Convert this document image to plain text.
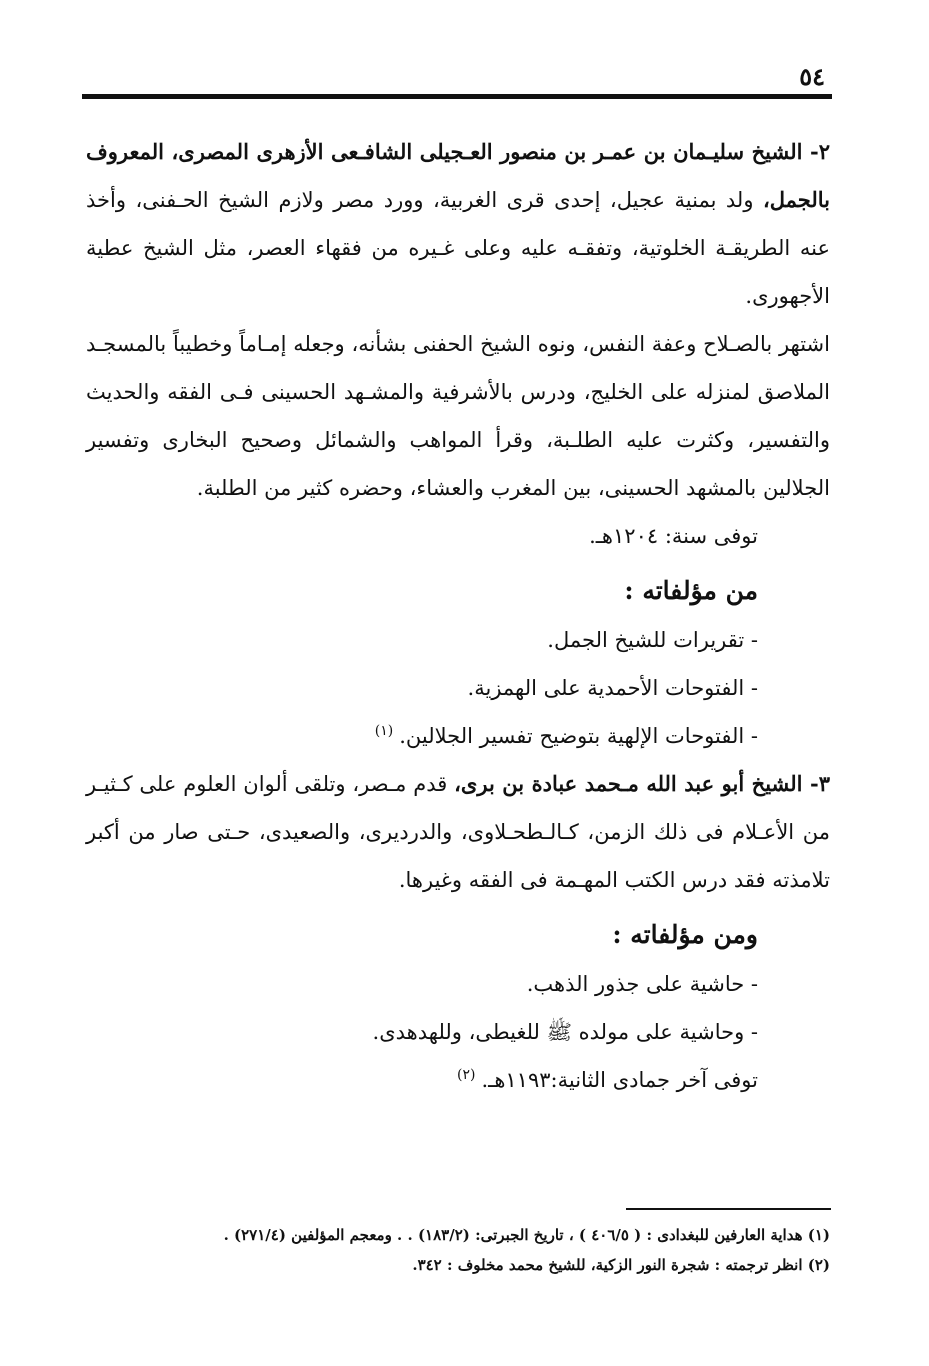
٥٤

٢- الشيخ سليـمان بن عمـر بن منصور العـجيلى الشافـعى الأزهرى المصرى، المعروف بالجمل، ولد بمنية عجيل، إحدى قرى الغربية، وورد مصر ولازم الشيخ الحـفنى، وأخذ عنه الطريقـة الخلوتية، وتفقـه عليه وعلى غـيره من فقهاء العصر، مثل الشيخ عطية الأجهورى.

اشتهر بالصـلاح وعفة النفس، ونوه الشيخ الحفنى بشأنه، وجعله إمـاماً وخطيباً بالمسجـد الملاصق لمنزله على الخليج، ودرس بالأشرفية والمشـهد الحسينى فـى الفقه والحديث والتفسير، وكثرت عليه الطلـبة، وقرأ المواهب والشمائل وصحيح البخارى وتفسير الجلالين بالمشهد الحسينى، بين المغرب والعشاء، وحضره كثير من الطلبة.

توفى سنة: ١٢٠٤هـ.

من مؤلفاته :
- تقريرات للشيخ الجمل.
- الفتوحات الأحمدية على الهمزية.
- الفتوحات الإلهية بتوضيح تفسير الجلالين.$^{(١)}$

٣- الشيخ أبو عبد الله مـحمد عبادة بن برى، قدم مـصر، وتلقى ألوان العلوم على كـثيـر من الأعـلام فى ذلك الزمن، كـالـطحـلاوى، والدرديرى، والصعيدى، حـتى صار من أكبر تلامذته فقد درس الكتب المهـمة فى الفقه وغيرها.

ومن مؤلفاته :
- حاشية على جذور الذهب.
- وحاشية على مولده ﷺ للغيطى، وللهدهدى.
توفى آخر جمادى الثانية:١١٩٣هـ.$^{(٢)}$

(١) هداية العارفين للبغدادى : ( ٤٠٦/٥ ) ، تاريخ الجبرتى: (١٨٣/٢) . . ومعجم المؤلفين (٢٧١/٤) .

(٢) انظر ترجمته : شجرة النور الزكية، للشيخ محمد مخلوف : ٣٤٢.
